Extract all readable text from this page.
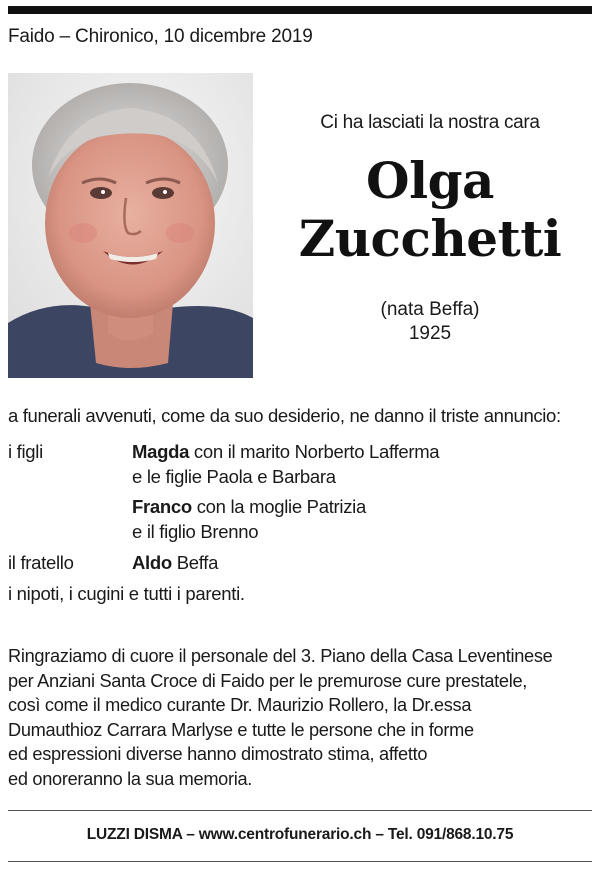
Faido – Chironico, 10 dicembre 2019
Ci ha lasciati la nostra cara
Olga
Zucchetti
(nata Beffa)
1925
a funerali avvenuti, come da suo desiderio, ne danno il triste annuncio:
i figli	Magda con il marito Norberto Lafferma
e le figlie Paola e Barbara
Franco con la moglie Patrizia
e il figlio Brenno
il fratello	Aldo Beffa
i nipoti, i cugini e tutti i parenti.
Ringraziamo di cuore il personale del 3. Piano della Casa Leventinese
per Anziani Santa Croce di Faido per le premurose cure prestatele,
così come il medico curante Dr. Maurizio Rollero, la Dr.essa
Dumauthioz Carrara Marlyse e tutte le persone che in forme
ed espressioni diverse hanno dimostrato stima, affetto
ed onoreranno la sua memoria.
LUZZI DISMA – www.centrofunerario.ch – Tel. 091/868.10.75
